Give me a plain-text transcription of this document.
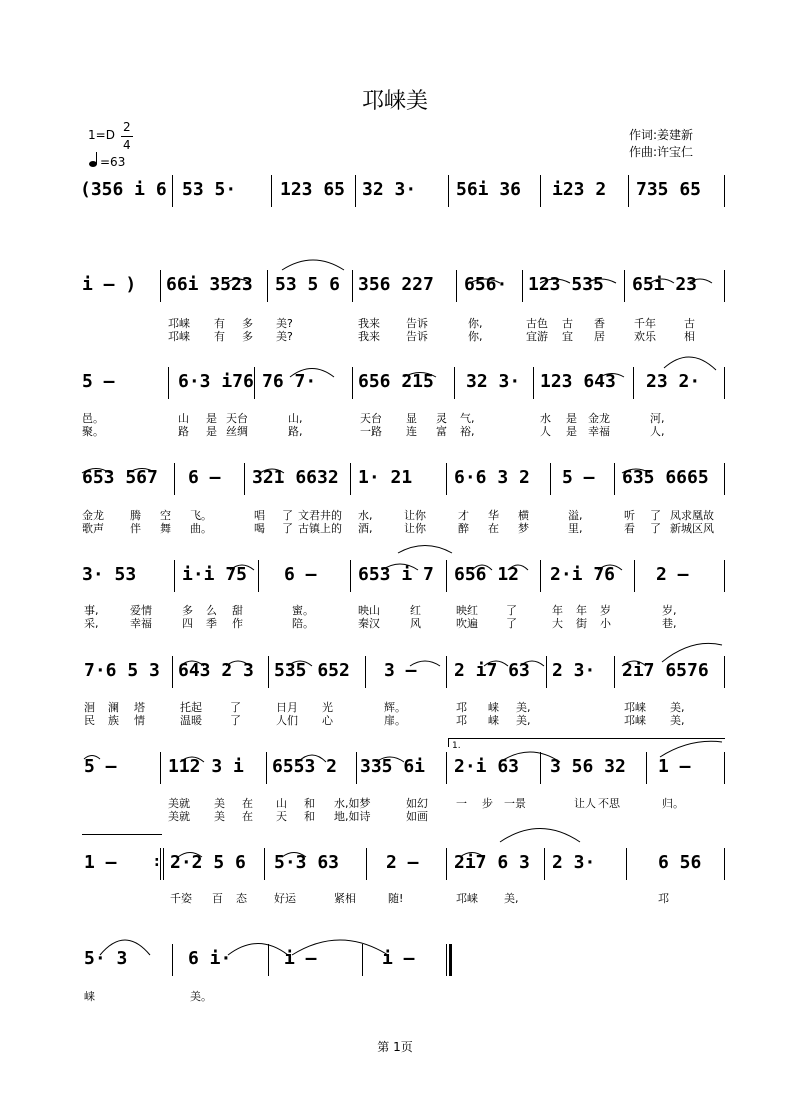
邛崃美
1=D
2
4
=63
作词:姜建新
作曲:许宝仁
(356 i 6 53 5· 123 65 32 3· 56i 36 i23 2 735 65
i – ) 66i 3523 53 5 6 356 227 656· 123 535 65i 23
邛崃 有 多 美?	我来 告诉	你,	古色 古 香	千年	古
邛崃 有 多 美?	我来 告诉	你,	宜游 宜 居	欢乐	相
5 –	6·3 i76 76 7· 656 215 32 3· 123 643 23 2·
邑。	山 是 天台	山,	天台 显 灵 气,	水 是 金龙	河,
聚。	路 是 丝绸	路,	一路 连 富 裕,	人 是 幸福	人,
653 567 6 – 321 6632 1· 21 6·6 3 2 5 – 635 6665
金龙 腾 空 飞。	唱 了 文君井的 水,	让你	才 华 横	溢,	听 了 凤求凰故
歌声 伴 舞 曲。	喝 了 古镇上的 酒,	让你	醉 在 梦	里,	看 了 新城区风
3· 53	i·i 75 6 – 653 i 7 656 12 2·i 76 2 –
事,	爱情	多 么 甜	蜜。	映山	红	映红	了	年 年 岁	岁,
采,	幸福	四 季 作	陪。	秦汉	风	吹遍	了	大 街 小	巷,
7·6 5 3 643 2 3 535 652 3 – 2 i7 63 2 3· 2i7 6576
洄 澜 塔	托起	了	日月 光	辉。	邛 崃 美,	邛崃 美,
民 族 情	温暖	了	人们 心	扉。	邛 崃 美,	邛崃 美,
1.
5 –	112 3 i 6553 2 335 6i 2·i 63 3 56 32 1 –
美就 美 在 山 和 水,如梦	如幻	一 步 一景	让人 不思	归。
美就 美 在 天 和 地,如诗	如画
:
1 –	2·2 5 6 5·3 63	2 – 2i7 6 3 2 3·	6 56
千姿 百 态 好运	紧相	随!	邛崃 美,	邛
5· 3	6 i·	i –	i –
崃	美。
第 1页
